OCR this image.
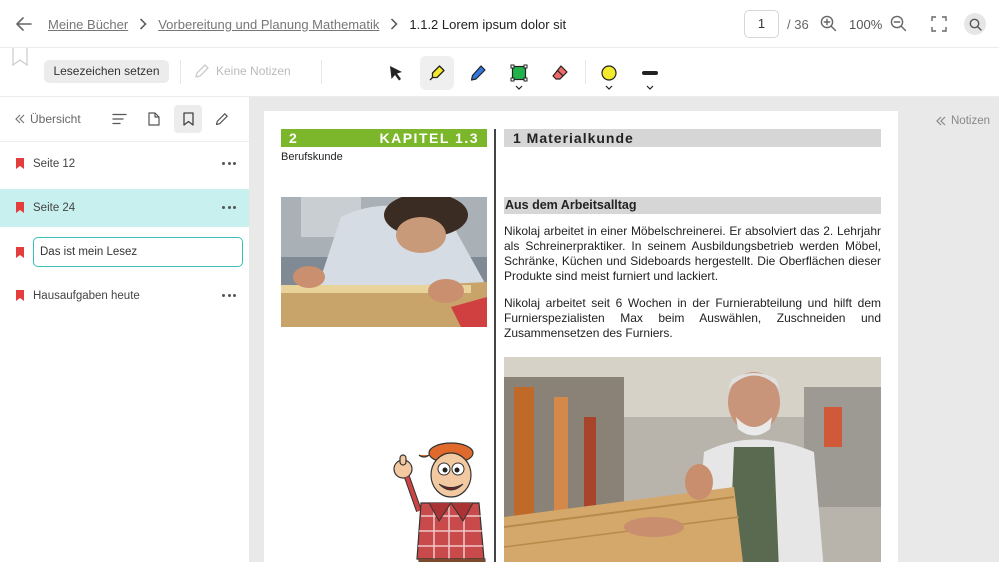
Meine Bücher Vorbereitung und Planung Mathematik 1.1.2 Lorem ipsum dolor sit	1	/ 36	100%
Lesezeichen setzen	Keine Notizen
Übersicht
Seite 12
Seite 24
Das ist mein Lesez
Hausaufgaben heute
Notizen
2	KAPITEL 1.3
Berufskunde
1 Materialkunde
Aus dem Arbeitsalltag
Nikolaj arbeitet in einer Möbelschreinerei. Er absolviert das 2. Lehrjahr als Schreinerpraktiker. In seinem Ausbildungsbetrieb werden Möbel, Schränke, Küchen und Sideboards hergestellt. Die Oberflächen dieser Produkte sind meist furniert und lackiert.
Nikolaj arbeitet seit 6 Wochen in der Furnierabteilung und hilft dem Furnierspezialisten Max beim Auswählen, Zuschneiden und Zusammensetzen des Furniers.
